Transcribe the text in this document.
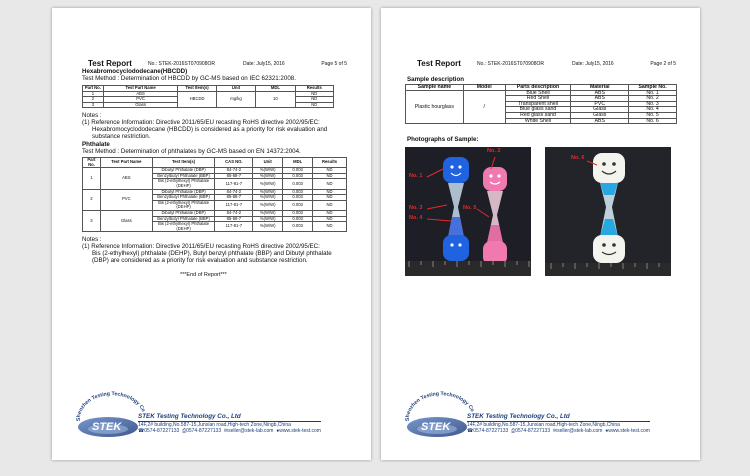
Test Report	No.: STEK-2016ST070908OR	Date: July15, 2016	Page 5 of 5
Hexabromocyclododecane(HBCDD)
Test Method : Determination of HBCDD by GC-MS based on IEC 62321:2008.
Part No.	Test Part Name	Test Item(s)	Unit	MDL	Results
1	ABS	HBCDD	mg/kg	10	ND
2	PVC				ND
3	Glass				ND
Notes :
(1) Reference Information: Directive 2011/65/EU recasting RoHS directive 2002/95/EC:
Hexabromocyclododecane (HBCDD) is considered as a priority for risk evaluation and
substance restriction.
Phthalate
Test Method : Determination of phthalates by GC-MS based on EN 14372:2004.
Part No.	Test Part Name	Test Item(s)	CAS NO.	Unit	MDL	Results
1	ABS	Dibutyl Phthalate (DBP)	84-74-2	%(W/W)	0.003	ND
		Benzylbutyl Phthalate (BBP)	85-68-7	%(W/W)	0.003	ND
		Bis (2-ethylhexyl) Phthalate (DEHP)	117-81-7	%(W/W)	0.003	ND
2	PVC	Dibutyl Phthalate (DBP)	84-74-2	%(W/W)	0.003	ND
		Benzylbutyl Phthalate (BBP)	85-68-7	%(W/W)	0.003	ND
		Bis (2-ethylhexyl) Phthalate (DEHP)	117-81-7	%(W/W)	0.003	ND
3	Glass	Dibutyl Phthalate (DBP)	84-74-2	%(W/W)	0.003	ND
		Benzylbutyl Phthalate (BBP)	85-68-7	%(W/W)	0.003	ND
		Bis (2-ethylhexyl) Phthalate (DEHP)	117-81-7	%(W/W)	0.003	ND
Notes :
(1) Reference Information: Directive 2011/65/EU recasting RoHS directive 2002/95/EC:
Bis (2-ethylhexyl) phthalate (DEHP), Butyl benzyl phthalate (BBP) and Dibutyl phthalate
(DBP) are considered as a priority for risk evaluation and substance restriction.
***End of Report***
Shenzhen Testing Technology Co
STEK
STEK Testing Technology Co., Ltd
14F,2# building,No.587-15,Junxian road,High-tech Zone,Ningb,China
☎0574-87227133 ⎙0574-87227133 ✉seller@stek-lab.com ●www.stek-test.com
Test Report	No.: STEK-2016ST070908OR	Date: July15, 2016	Page 2 of 5
Sample description
Sample name	Model	Parts description	Material	Sample No.
Plastic hourglass	/	Blue Shell	ABS	No. 1
		Red Shell	ABS	No. 2
		Transparent shell	PVC	No. 3
		Blue glass sand	Glass	No. 4
		Red glass sand	Glass	No. 5
		White Shell	ABS	No. 6
Photographs of Sample:
No. 1
No. 2
No. 3
No. 4
No. 5
No. 6
Shenzhen Testing Technology Co
STEK
STEK Testing Technology Co., Ltd
14F,2# building,No.587-15,Junxian road,High-tech Zone,Ningb,China
☎0574-87227133 ⎙0574-87227133 ✉seller@stek-lab.com ●www.stek-test.com
